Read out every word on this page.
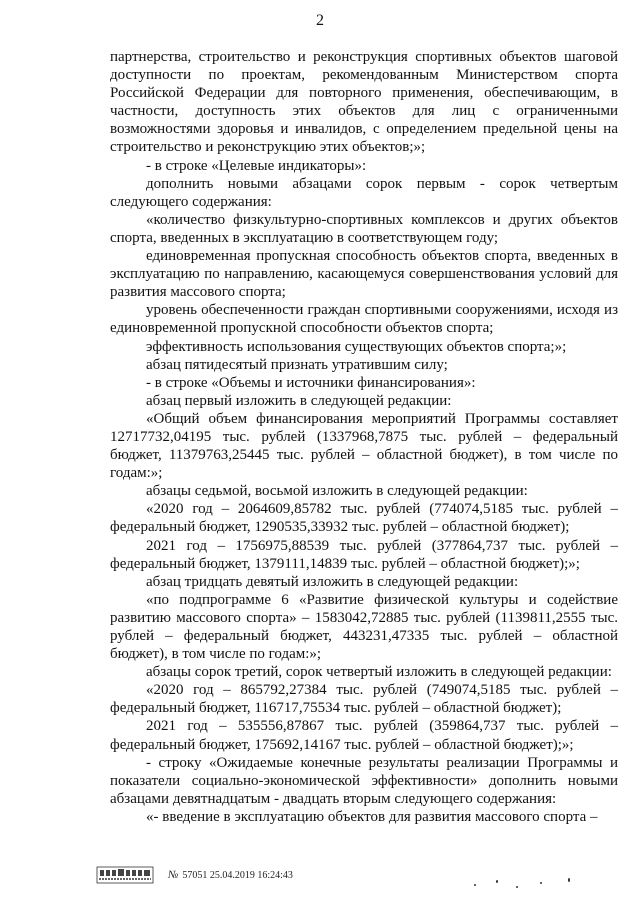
2

партнерства, строительство и реконструкция спортивных объектов шаговой доступности по проектам, рекомендованным Министерством спорта Российской Федерации для повторного применения, обеспечивающим, в частности, доступность этих объектов для лиц с ограниченными возможностями здоровья и инвалидов, с определением предельной цены на строительство и реконструкцию этих объектов;»;

- в строке «Целевые индикаторы»:

дополнить новыми абзацами сорок первым - сорок четвертым следующего содержания:

«количество физкультурно-спортивных комплексов и других объектов спорта, введенных в эксплуатацию в соответствующем году;

единовременная пропускная способность объектов спорта, введенных в эксплуатацию по направлению, касающемуся совершенствования условий для развития массового спорта;

уровень обеспеченности граждан спортивными сооружениями, исходя из единовременной пропускной способности объектов спорта;

эффективность использования существующих объектов спорта;»;

абзац пятидесятый признать утратившим силу;

- в строке «Объемы и источники финансирования»:

абзац первый изложить в следующей редакции:

«Общий объем финансирования мероприятий Программы составляет 12717732,04195 тыс. рублей (1337968,7875 тыс. рублей – федеральный бюджет, 11379763,25445 тыс. рублей – областной бюджет), в том числе по годам:»;

абзацы седьмой, восьмой изложить в следующей редакции:

«2020 год – 2064609,85782 тыс. рублей (774074,5185 тыс. рублей – федеральный бюджет, 1290535,33932 тыс. рублей – областной бюджет);

2021 год – 1756975,88539 тыс. рублей (377864,737 тыс. рублей – федеральный бюджет, 1379111,14839 тыс. рублей – областной бюджет);»;

абзац тридцать девятый изложить в следующей редакции:

«по подпрограмме 6 «Развитие физической культуры и содействие развитию массового спорта» – 1583042,72885 тыс. рублей (1139811,2555 тыс. рублей – федеральный бюджет, 443231,47335 тыс. рублей – областной бюджет), в том числе по годам:»;

абзацы сорок третий, сорок четвертый изложить в следующей редакции:

«2020 год – 865792,27384 тыс. рублей (749074,5185 тыс. рублей – федеральный бюджет, 116717,75534 тыс. рублей – областной бюджет);

2021 год – 535556,87867 тыс. рублей (359864,737 тыс. рублей – федеральный бюджет, 175692,14167 тыс. рублей – областной бюджет);»;

- строку «Ожидаемые конечные результаты реализации Программы и показатели социально-экономической эффективности» дополнить новыми абзацами девятнадцатым - двадцать вторым следующего содержания:

«- введение в эксплуатацию объектов для развития массового спорта –

№ 57051
25.04.2019 16:24:43
